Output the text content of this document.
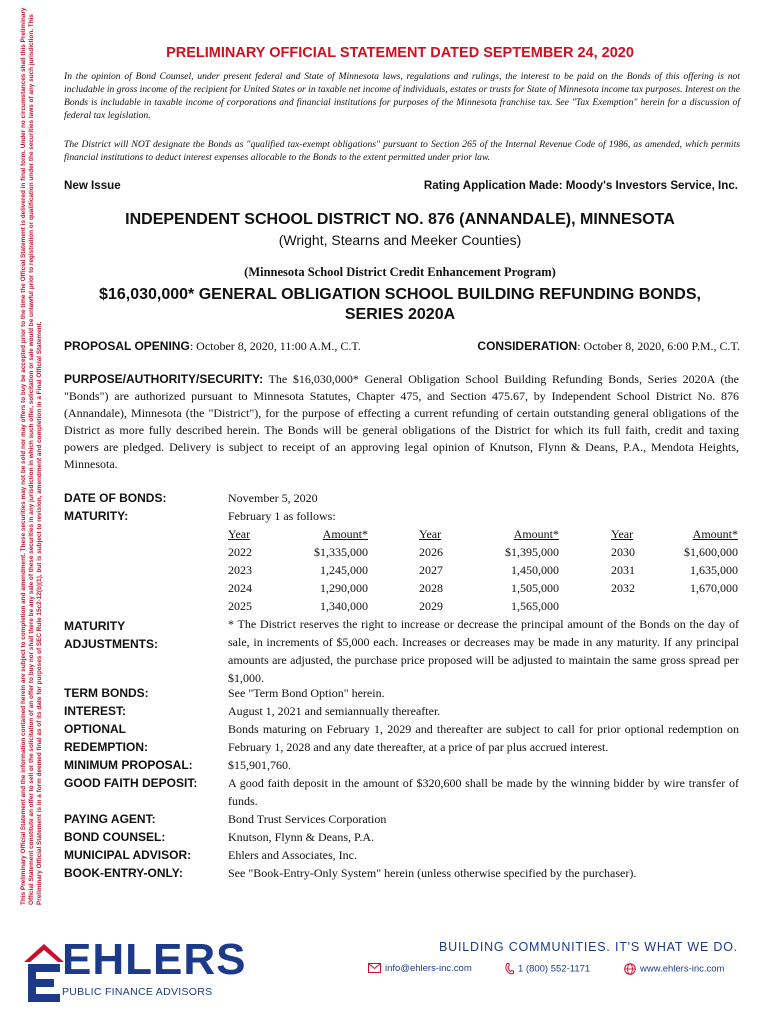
This Preliminary Official Statement and the information contained herein are subject to completion and amendment. These securities may not be sold nor may offers to buy be accepted prior to the time the Official Statement is delivered in final form. Under no circumstances shall this Preliminary Official Statement constitute an offer to sell or the solicitation of an offer to buy nor shall there be any sale of these securities in any jurisdiction in which such offer, solicitation or sale would be unlawful prior to registration or qualification under the securities laws of any such jurisdiction. This Preliminary Official Statement is in a form deemed final as of its date for purposes of SEC Rule 15c2-12(b)(1), but is subject to revision, amendment and completion in a Final Official Statement.
PRELIMINARY OFFICIAL STATEMENT DATED SEPTEMBER 24, 2020
In the opinion of Bond Counsel, under present federal and State of Minnesota laws, regulations and rulings, the interest to be paid on the Bonds of this offering is not includable in gross income of the recipient for United States or in taxable net income of individuals, estates or trusts for State of Minnesota income tax purposes. Interest on the Bonds is includable in taxable income of corporations and financial institutions for purposes of the Minnesota franchise tax. See "Tax Exemption" herein for a discussion of federal tax legislation.
The District will NOT designate the Bonds as "qualified tax-exempt obligations" pursuant to Section 265 of the Internal Revenue Code of 1986, as amended, which permits financial institutions to deduct interest expenses allocable to the Bonds to the extent permitted under prior law.
New Issue	Rating Application Made: Moody's Investors Service, Inc.
INDEPENDENT SCHOOL DISTRICT NO. 876 (ANNANDALE), MINNESOTA
(Wright, Stearns and Meeker Counties)
(Minnesota School District Credit Enhancement Program)
$16,030,000* GENERAL OBLIGATION SCHOOL BUILDING REFUNDING BONDS,
SERIES 2020A
PROPOSAL OPENING: October 8, 2020, 11:00 A.M., C.T.	CONSIDERATION: October 8, 2020, 6:00 P.M., C.T.
PURPOSE/AUTHORITY/SECURITY: The $16,030,000* General Obligation School Building Refunding Bonds, Series 2020A (the "Bonds") are authorized pursuant to Minnesota Statutes, Chapter 475, and Section 475.67, by Independent School District No. 876 (Annandale), Minnesota (the "District"), for the purpose of effecting a current refunding of certain outstanding general obligations of the District as more fully described herein. The Bonds will be general obligations of the District for which its full faith, credit and taxing powers are pledged. Delivery is subject to receipt of an approving legal opinion of Knutson, Flynn & Deans, P.A., Mendota Heights, Minnesota.
DATE OF BONDS:	November 5, 2020
MATURITY:	February 1 as follows:
Year	Amount*
2022	$1,335,000
2023	1,245,000
2024	1,290,000
2025	1,340,000
Year	Amount*
2026	$1,395,000
2027	1,450,000
2028	1,505,000
2029	1,565,000
Year	Amount*
2030	$1,600,000
2031	1,635,000
2032	1,670,000
MATURITY
ADJUSTMENTS:
* The District reserves the right to increase or decrease the principal amount of the Bonds on the day of sale, in increments of $5,000 each. Increases or decreases may be made in any maturity. If any principal amounts are adjusted, the purchase price proposed will be adjusted to maintain the same gross spread per $1,000.
TERM BONDS:	See "Term Bond Option" herein.
INTEREST:	August 1, 2021 and semiannually thereafter.
OPTIONAL
REDEMPTION:
Bonds maturing on February 1, 2029 and thereafter are subject to call for prior optional redemption on February 1, 2028 and any date thereafter, at a price of par plus accrued interest.
MINIMUM PROPOSAL:	$15,901,760.
GOOD FAITH DEPOSIT:	A good faith deposit in the amount of $320,600 shall be made by the winning bidder by wire transfer of funds.
PAYING AGENT:	Bond Trust Services Corporation
BOND COUNSEL:	Knutson, Flynn & Deans, P.A.
MUNICIPAL ADVISOR:	Ehlers and Associates, Inc.
BOOK-ENTRY-ONLY:	See "Book-Entry-Only System" herein (unless otherwise specified by the purchaser).
EHLERS
PUBLIC FINANCE ADVISORS
BUILDING COMMUNITIES. IT'S WHAT WE DO.
info@ehlers-inc.com	1 (800) 552-1171	www.ehlers-inc.com
